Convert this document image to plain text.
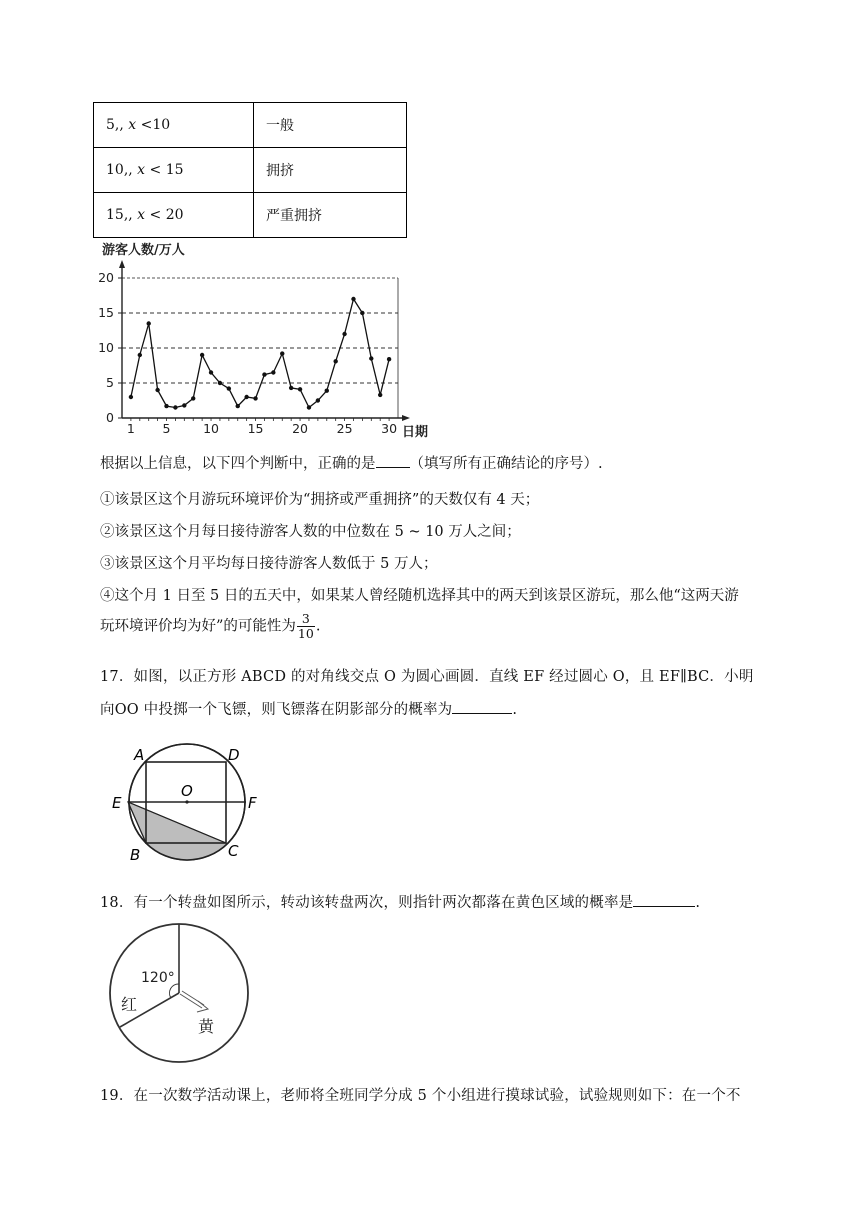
5,, x <10	一般
10,, x < 15	拥挤
15,, x < 20	严重拥挤
游客人数/万人
日期
0
5
10
15
20
1 5	10 15 20 25 30
根据以上信息，以下四个判断中，正确的是 （填写所有正确结论的序号）.
①该景区这个月游玩环境评价为“拥挤或严重拥挤”的天数仅有 4 天；
②该景区这个月每日接待游客人数的中位数在 5 ~ 10 万人之间；
③该景区这个月平均每日接待游客人数低于 5 万人；
④这个月 1 日至 5 日的五天中，如果某人曾经随机选择其中的两天到该景区游玩，那么他“这两天游
玩环境评价均为好”的可能性为 $\frac{3}{10}$ .
17．如图，以正方形 ABCD 的对角线交点 O 为圆心画圆．直线 EF 经过圆心 O，且 EF∥BC．小明
向OO 中投掷一个飞镖，则飞镖落在阴影部分的概率为	.
A	D
O
E	F
B	C
18．有一个转盘如图所示，转动该转盘两次，则指针两次都落在黄色区域的概率是	.
120°
红
黄
19．在一次数学活动课上，老师将全班同学分成 5 个小组进行摸球试验，试验规则如下：在一个不
